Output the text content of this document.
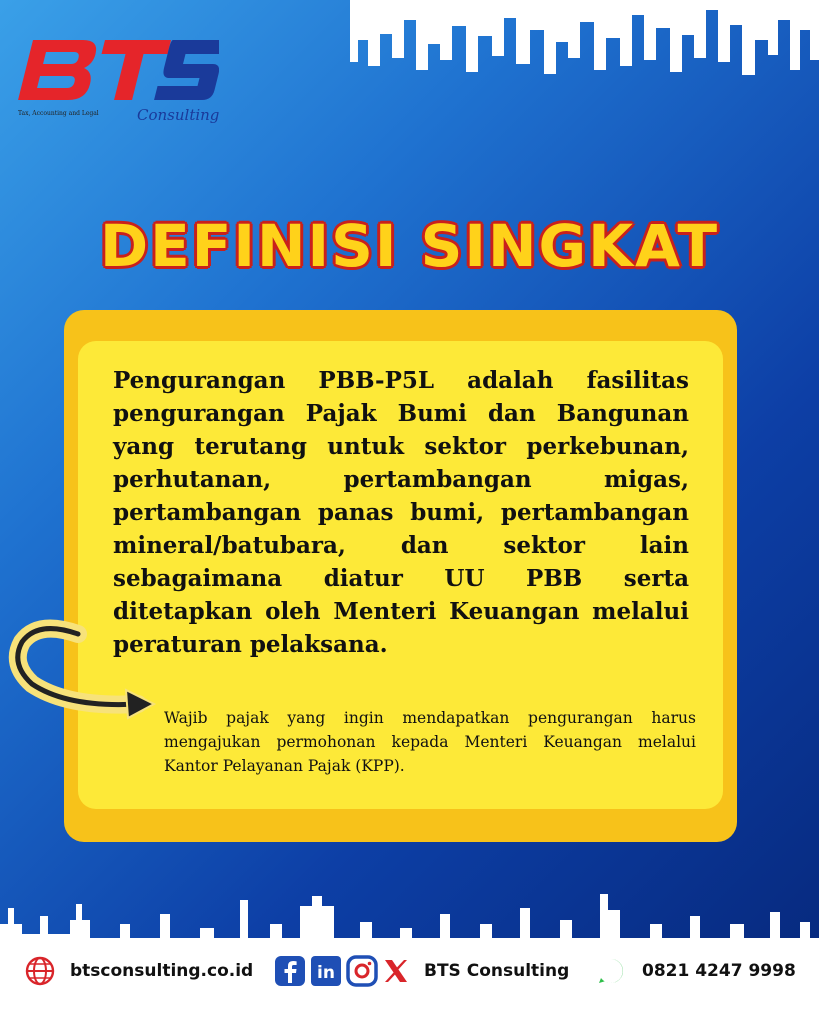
Tax, Accounting and Legal	Consulting
DEFINISI SINGKAT

Pengurangan PBB-P5L adalah fasilitas pengurangan Pajak Bumi dan Bangunan yang terutang untuk sektor perkebunan, perhutanan, pertambangan migas, pertambangan panas bumi, pertambangan mineral/batubara, dan sektor lain sebagaimana diatur UU PBB serta ditetapkan oleh Menteri Keuangan melalui peraturan pelaksana.

Wajib pajak yang ingin mendapatkan pengurangan harus mengajukan permohonan kepada Menteri Keuangan melalui Kantor Pelayanan Pajak (KPP).

btsconsulting.co.id	in	BTS Consulting	0821 4247 9998
